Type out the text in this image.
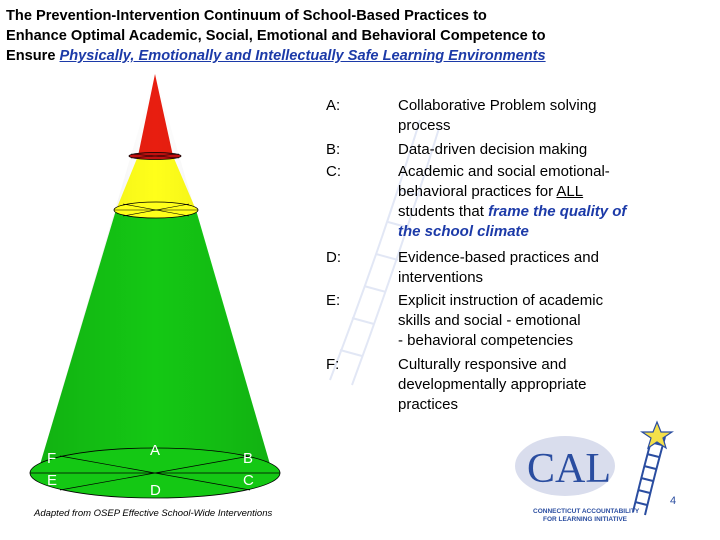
The Prevention-Intervention Continuum of School-Based Practices to
Enhance Optimal Academic, Social, Emotional and Behavioral Competence to
Ensure Physically, Emotionally and Intellectually Safe Learning Environments
A:	Collaborative Problem solving
process
B:	Data-driven decision making
C:	Academic and social emotional-
behavioral practices for ALL
students that frame the quality of
the school climate
D:	Evidence-based practices and
interventions
E:	Explicit instruction of academic
skills and social - emotional
- behavioral competencies
F:	Culturally responsive and
developmentally appropriate
practices
F
E
A
D
B
C
Adapted from OSEP Effective School-Wide Interventions
CAL
CONNECTICUT ACCOUNTABILITY
FOR LEARNING INITIATIVE
4
